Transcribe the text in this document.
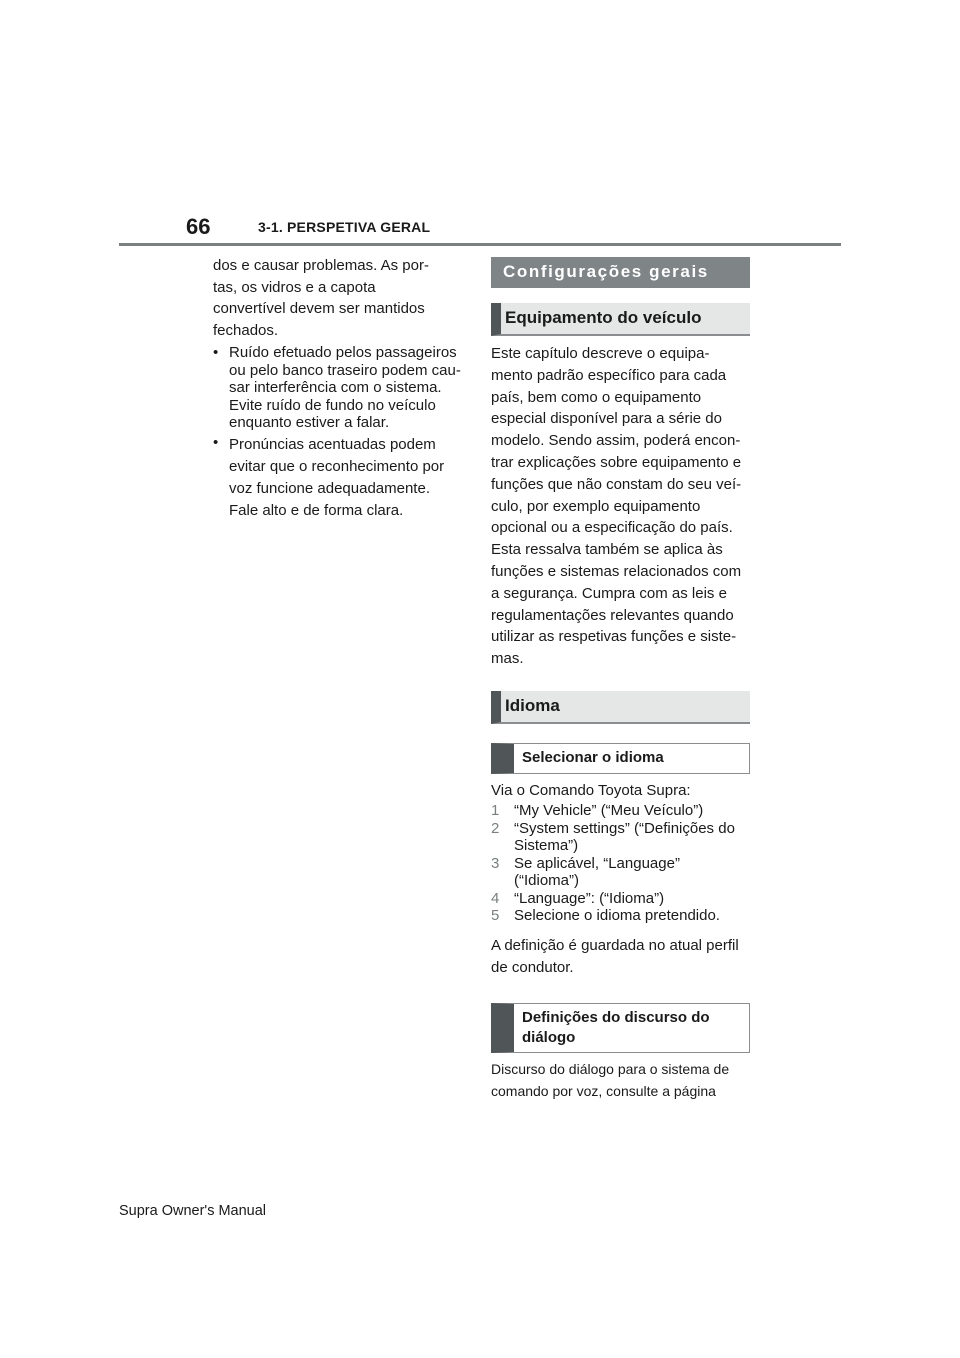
66	3-1. PERSPETIVA GERAL

dos e causar problemas. As por-

tas, os vidros e a capota

convertível devem ser mantidos

fechados.

• Ruído efetuado pelos passageiros
ou pelo banco traseiro podem cau-
sar interferência com o sistema.
Evite ruído de fundo no veículo
enquanto estiver a falar.
• Pronúncias acentuadas podem
evitar que o reconhecimento por
voz funcione adequadamente.
Fale alto e de forma clara.
Configurações gerais
Equipamento do veículo

Este capítulo descreve o equipa-

mento padrão específico para cada

país, bem como o equipamento

especial disponível para a série do

modelo. Sendo assim, poderá encon-

trar explicações sobre equipamento e

funções que não constam do seu veí-

culo, por exemplo equipamento

opcional ou a especificação do país.

Esta ressalva também se aplica às

funções e sistemas relacionados com

a segurança. Cumpra com as leis e

regulamentações relevantes quando

utilizar as respetivas funções e siste-

mas.

Idioma
Selecionar o idioma
Via o Comando Toyota Supra:
1 “My Vehicle” (“Meu Veículo”)
2 “System settings” (“Definições do
Sistema”)
3 Se aplicável, “Language”
(“Idioma”)
4 “Language”: (“Idioma”)
5 Selecione o idioma pretendido.

A definição é guardada no atual perfil

de condutor.

Definições do discurso do
diálogo

Discurso do diálogo para o sistema de

comando por voz, consulte a página

Supra Owner's Manual
